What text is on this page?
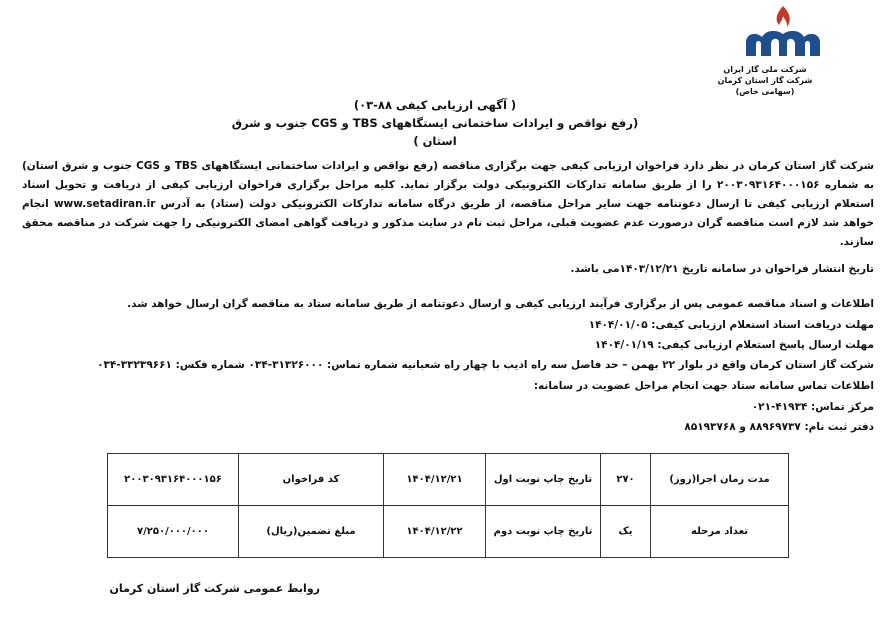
شرکت ملی گاز ایران
شرکت گاز استان کرمان
(سهامی خاص)
( آگهی ارزیابی کیفی ۸۸-۰۳)
(رفع نواقص و ایرادات ساختمانی ایستگاههای TBS و CGS جنوب و شرق استان )

شرکت گاز استان کرمان در نظر دارد فراخوان ارزیابی کیفی جهت برگزاری مناقصه (رفع نواقص و ایرادات ساختمانی ایستگاههای TBS و CGS جنوب و شرق استان) به شماره ۲۰۰۳۰۹۳۱۶۴۰۰۰۱۵۶ را از طریق سامانه تدارکات الکترونیکی دولت برگزار نماید. کلیه مراحل برگزاری فراخوان ارزیابی کیفی از دریافت و تحویل اسناد استعلام ارزیابی کیفی تا ارسال دعوتنامه جهت سایر مراحل مناقصه، از طریق درگاه سامانه تدارکات الکترونیکی دولت (ستاد) به آدرس www.setadiran.ir انجام خواهد شد لازم است مناقصه گران درصورت عدم عضویت قبلی، مراحل ثبت نام در سایت مذکور و دریافت گواهی امضای الکترونیکی را جهت شرکت در مناقصه محقق سازند.

تاریخ انتشار فراخوان در سامانه تاریخ ۱۴۰۳/۱۲/۲۱می باشد.
اطلاعات و اسناد مناقصه عمومی پس از برگزاری فرآیند ارزیابی کیفی و ارسال دعوتنامه از طریق سامانه ستاد به مناقصه گران ارسال خواهد شد.
مهلت دریافت اسناد استعلام ارزیابی کیفی: ۱۴۰۴/۰۱/۰۵
مهلت ارسال پاسخ استعلام ارزیابی کیفی: ۱۴۰۴/۰۱/۱۹
شرکت گاز استان کرمان واقع در بلوار ۲۲ بهمن – حد فاصل سه راه ادیب با چهار راه شعبانیه شماره تماس: ۳۱۳۲۶۰۰۰-۰۳۴ شماره فکس: ۳۳۲۳۹۶۶۱-۰۳۴
اطلاعات تماس سامانه ستاد جهت انجام مراحل عضویت در سامانه:
مرکز تماس: ۴۱۹۳۴-۰۲۱
دفتر ثبت نام: ۸۸۹۶۹۷۳۷ و ۸۵۱۹۳۷۶۸
مدت زمان اجرا(روز)	۲۷۰	تاریخ چاپ نوبت اول	۱۴۰۴/۱۲/۲۱	کد فراخوان	۲۰۰۳۰۹۳۱۶۴۰۰۰۱۵۶
تعداد مرحله	یک	تاریخ چاپ نوبت دوم	۱۴۰۴/۱۲/۲۲	مبلغ تضمین(ریال)	۷/۲۵۰/۰۰۰/۰۰۰
روابط عمومی شرکت گاز استان کرمان
